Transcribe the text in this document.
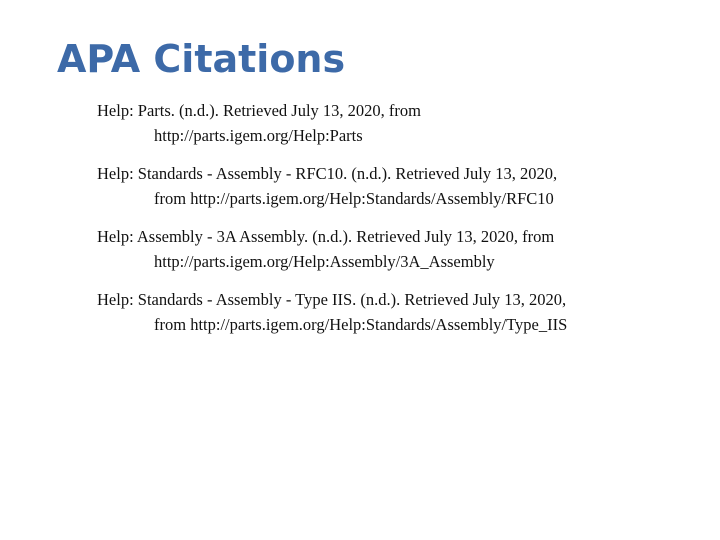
APA Citations
Help: Parts. (n.d.). Retrieved July 13, 2020, from
http://parts.igem.org/Help:Parts
Help: Standards - Assembly - RFC10. (n.d.). Retrieved July 13, 2020,
from http://parts.igem.org/Help:Standards/Assembly/RFC10
Help: Assembly - 3A Assembly. (n.d.). Retrieved July 13, 2020, from
http://parts.igem.org/Help:Assembly/3A_Assembly
Help: Standards - Assembly - Type IIS. (n.d.). Retrieved July 13, 2020,
from http://parts.igem.org/Help:Standards/Assembly/Type_IIS
